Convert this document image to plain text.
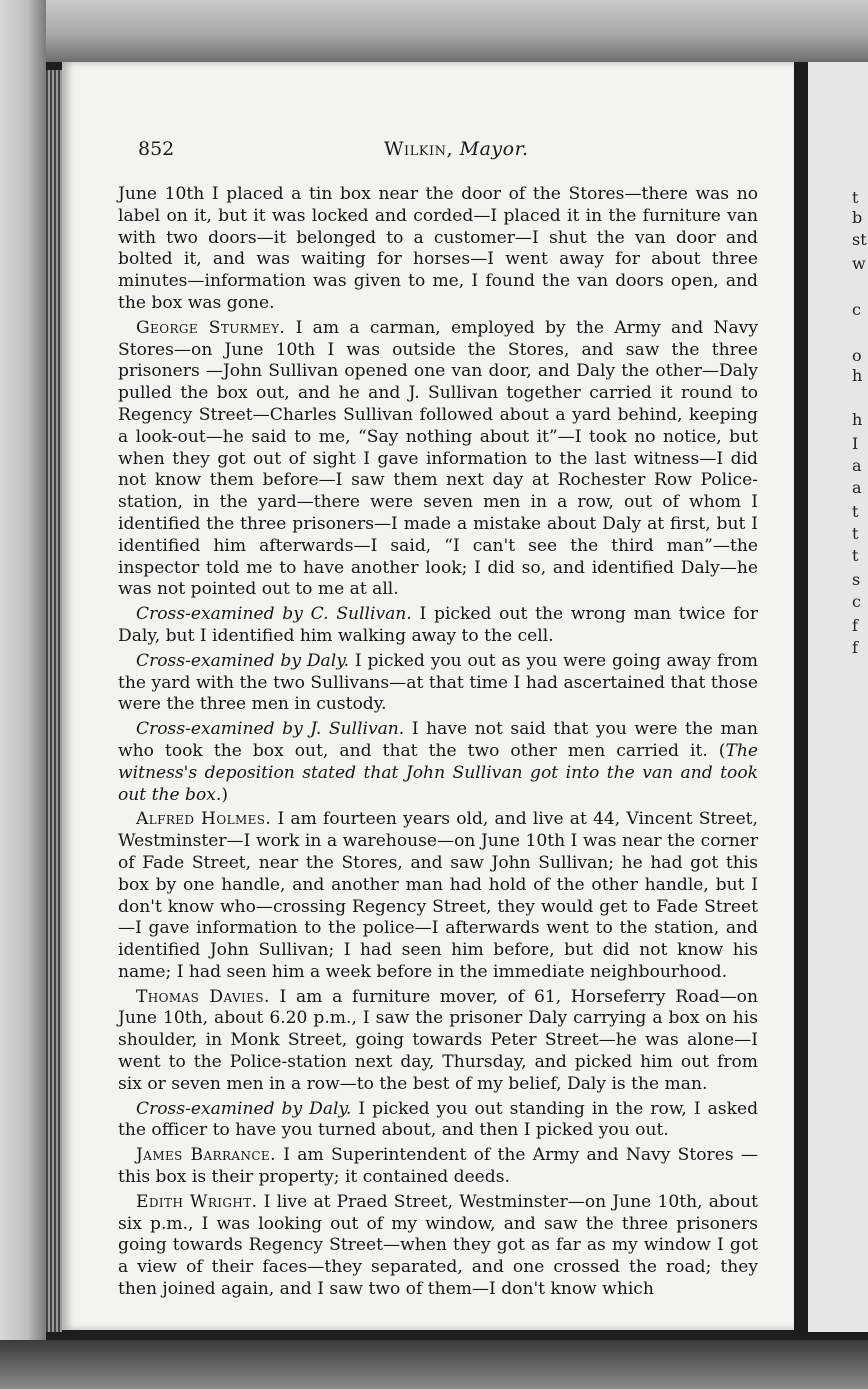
852	Wilkin, Mayor.

June 10th I placed a tin box near the door of the Stores—there was no label on it, but it was locked and corded—I placed it in the furniture van with two doors—it belonged to a customer—I shut the van door and bolted it, and was waiting for horses—I went away for about three minutes—information was given to me, I found the van doors open, and the box was gone.

George Sturmey. I am a carman, employed by the Army and Navy Stores—on June 10th I was outside the Stores, and saw the three prisoners —John Sullivan opened one van door, and Daly the other—Daly pulled the box out, and he and J. Sullivan together carried it round to Regency Street—Charles Sullivan followed about a yard behind, keeping a look-out—he said to me, “Say nothing about it”—I took no notice, but when they got out of sight I gave information to the last witness—I did not know them before—I saw them next day at Rochester Row Police-station, in the yard—there were seven men in a row, out of whom I identified the three prisoners—I made a mistake about Daly at first, but I identified him afterwards—I said, “I can't see the third man”—the inspector told me to have another look; I did so, and identified Daly—he was not pointed out to me at all.

Cross-examined by C. Sullivan. I picked out the wrong man twice for Daly, but I identified him walking away to the cell.

Cross-examined by Daly. I picked you out as you were going away from the yard with the two Sullivans—at that time I had ascertained that those were the three men in custody.

Cross-examined by J. Sullivan. I have not said that you were the man who took the box out, and that the two other men carried it. (The witness's deposition stated that John Sullivan got into the van and took out the box.)

Alfred Holmes. I am fourteen years old, and live at 44, Vincent Street, Westminster—I work in a warehouse—on June 10th I was near the corner of Fade Street, near the Stores, and saw John Sullivan; he had got this box by one handle, and another man had hold of the other handle, but I don't know who—crossing Regency Street, they would get to Fade Street—I gave information to the police—I afterwards went to the station, and identified John Sullivan; I had seen him before, but did not know his name; I had seen him a week before in the immediate neighbourhood.

Thomas Davies. I am a furniture mover, of 61, Horseferry Road—on June 10th, about 6.20 p.m., I saw the prisoner Daly carrying a box on his shoulder, in Monk Street, going towards Peter Street—he was alone—I went to the Police-station next day, Thursday, and picked him out from six or seven men in a row—to the best of my belief, Daly is the man.

Cross-examined by Daly. I picked you out standing in the row, I asked the officer to have you turned about, and then I picked you out.

James Barrance. I am Superintendent of the Army and Navy Stores —this box is their property; it contained deeds.

Edith Wright. I live at Praed Street, Westminster—on June 10th, about six p.m., I was looking out of my window, and saw the three prisoners going towards Regency Street—when they got as far as my window I got a view of their faces—they separated, and one crossed the road; they then joined again, and I saw two of them—I don't know which

t
b
st
w
c
o
h
h
I
a
a
t
t
t
s
c
f
f
